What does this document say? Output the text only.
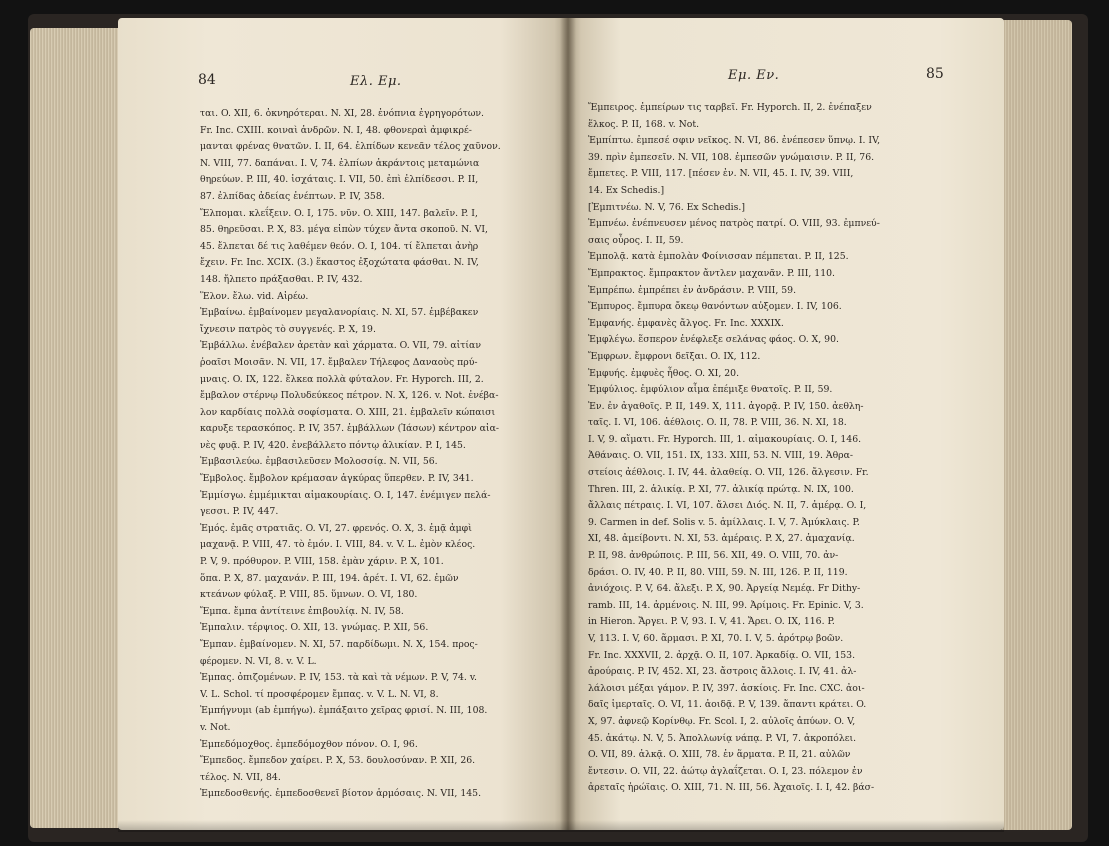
84	Ελ. Εμ.
ται. O. XII, 6. ὀκνηρότεραι. N. XI, 28. ἐνόπνια ἐγρηγορότων.
Fr. Inc. CXIII. κοιναὶ ἀνδρῶν. N. I, 48. φθονεραὶ ἀμφικρέ-
μανται φρένας θνατῶν. I. II, 64. ἐλπίδων κενεᾶν τέλος χαῦνον.
N. VIII, 77. δαπάναι. I. V, 74. ἐλπίων ἀκράντοις μεταμώνια
θηρεύων. P. III, 40. ἰσχάταις. I. VII, 50. ἐπὶ ἐλπίδεσσι. P. II,
87. ἐλπίδας ἀδείας ἐνέπτων. P. IV, 358.
Ἔλπομαι. κλεΐξειν. O. I, 175. νῦν. O. XIII, 147. βαλεῖν. P. I,
85. θηρεῦσαι. P. X, 83. μέγα εἰπὼν τύχεν ἄντα σκοποῦ. N. VI,
45. ἔλπεται δέ τις λαθέμεν θεόν. O. I, 104. τί ἔλπεται ἀνὴρ
ἔχειν. Fr. Inc. XCIX. (3.) ἕκαστος ἐξοχώτατα φάσθαι. N. IV,
148. ἤλπετο πράξασθαι. P. IV, 432.
Ἕλον. ἔλω. vid. Αἱρέω.
Ἐμβαίνω. ἐμβαίνομεν μεγαλανορίαις. N. XI, 57. ἐμβέβακεν
ἴχνεσιν πατρὸς τὸ συγγενές. P. X, 19.
Ἐμβάλλω. ἐνέβαλεν ἀρετὰν καὶ χάρματα. O. VII, 79. αἰτίαν
ῥοαῖσι Μοισᾶν. N. VII, 17. ἔμβαλεν Τήλεφος Δαναοὺς πρύ-
μναις. O. IX, 122. ἔλκεα πολλὰ φύταλον. Fr. Hyporch. III, 2.
ἔμβαλον στέρνῳ Πολυδεύκεος πέτρον. N. X, 126. v. Not. ἐνέβα-
λον καρδίαις πολλὰ σοφίσματα. O. XIII, 21. ἐμβαλεῖν κώπαισι
καρυξε τερασκόπος. P. IV, 357. ἐμβάλλων (Ἰάσων) κέντρον αἰα-
νὲς φυᾷ. P. IV, 420. ἐνεβάλλετο πόντῳ ἁλικίαν. P. I, 145.
Ἐμβασιλεύω. ἐμβασιλεῦσεν Μολοσσίᾳ. N. VII, 56.
Ἔμβολος. ἔμβολον κρέμασαν ἀγκύρας ὕπερθεν. P. IV, 341.
Ἐμμίσγω. ἐμμέμικται αἱμακουρίαις. O. I, 147. ἐνέμιγεν πελά-
γεσσι. P. IV, 447.
Ἐμός. ἐμᾶς στρατιᾶς. O. VI, 27. φρενός. O. X, 3. ἐμᾷ ἀμφὶ
μαχανᾷ. P. VIII, 47. τὸ ἐμόν. I. VIII, 84. v. V. L. ἐμὸν κλέος.
P. V, 9. πρόθυρον. P. VIII, 158. ἐμὰν χάριν. P. X, 101.
ὅπα. P. X, 87. μαχανάν. P. III, 194. ἀρέτ. I. VI, 62. ἐμῶν
κτεάνων φύλαξ. P. VIII, 85. ὕμνων. O. VI, 180.
Ἔμπα. ἔμπα ἀντίτεινε ἐπιβουλίᾳ. N. IV, 58.
Ἐμπαλιν. τέρψιος. O. XII, 13. γνώμας. P. XII, 56.
Ἔμπαν. ἐμβαίνομεν. N. XI, 57. παρδίδωμι. N. X, 154. προς-
φέρομεν. N. VI, 8. v. V. L.
Ἐμπας. ὀπιζομένων. P. IV, 153. τὰ καὶ τὰ νέμων. P. V, 74. v.
V. L. Schol. τί προσφέρομεν ἔμπας. v. V. L. N. VI, 8.
Ἐμπήγνυμι (ab ἐμπήγω). ἐμπάξαιτο χεῖρας φρισί. N. III, 108.
v. Not.
Ἐμπεδόμοχθος. ἐμπεδόμοχθον πόνον. O. I, 96.
Ἔμπεδος. ἔμπεδον χαίρει. P. X, 53. δουλοσύναν. P. XII, 26.
τέλος. N. VII, 84.
Ἐμπεδοσθενής. ἐμπεδοσθενεῖ βίοτον ἁρμόσαις. N. VII, 145.
Εμ. Εν.	85
Ἔμπειρος. ἐμπείρων τις ταρβεῖ. Fr. Hyporch. II, 2. ἐνέπαξεν
ἕλκος. P. II, 168. v. Not.
Ἐμπίπτω. ἐμπεσέ σφιν νεῖκος. N. VI, 86. ἐνέπεσεν ὕπνῳ. I. IV,
39. πρὶν ἐμπεσεῖν. N. VII, 108. ἐμπεσῶν γνώμαισιν. P. II, 76.
ἔμπετες. P. VIII, 117. [πέσεν ἐν. N. VII, 45. I. IV, 39. VIII,
14. Ex Schedis.]
[Ἐμπιτνέω. N. V, 76. Ex Schedis.]
Ἐμπνέω. ἐνέπνευσεν μένος πατρὸς πατρί. O. VIII, 93. ἐμπνεύ-
σαις οὖρος. I. II, 59.
Ἐμπολᾷ. κατὰ ἐμπολὰν Φοίνισσαν πέμπεται. P. II, 125.
Ἔμπρακτος. ἔμπρακτον ἄντλεν μαχανᾶν. P. III, 110.
Ἐμπρέπω. ἐμπρέπει ἐν ἀνδράσιν. P. VIII, 59.
Ἔμπυρος. ἔμπυρα ὄκεῳ θανόντων αὐξομεν. I. IV, 106.
Ἐμφανής. ἐμφανὲς ἄλγος. Fr. Inc. XXXIX.
Ἐμφλέγω. ἕσπερον ἐνέφλεξε σελάνας φάος. O. X, 90.
Ἔμφρων. ἔμφρονι δεῖξαι. O. IX, 112.
Ἐμφυής. ἐμφυὲς ἦθος. O. XI, 20.
Ἐμφύλιος. ἐμφύλιον αἷμα ἐπέμιξε θνατοῖς. P. II, 59.
Ἐν. ἐν ἀγαθοῖς. P. II, 149. X, 111. ἀγορᾷ. P. IV, 150. ἀεθλη-
ταῖς. I. VI, 106. ἀέθλοις. O. II, 78. P. VIII, 36. N. XI, 18.
I. V, 9. αἵματι. Fr. Hyporch. III, 1. αἱμακουρίαις. O. I, 146.
Ἀθάναις. O. VII, 151. IX, 133. XIII, 53. N. VIII, 19. Ἀθρα-
στείοις ἀέθλοις. I. IV, 44. ἀλαθείᾳ. O. VII, 126. ἄλγεσιν. Fr.
Thren. III, 2. ἁλικίᾳ. P. XI, 77. ἁλικίᾳ πρώτᾳ. N. IX, 100.
ἄλλαις πέτραις. I. VI, 107. ἄλσει Διός. N. II, 7. ἀμέρᾳ. O. I,
9. Carmen in def. Solis v. 5. ἁμίλλαις. I. V, 7. Ἀμύκλαις. P.
XI, 48. ἀμείβοντι. N. XI, 53. ἀμέραις. P. X, 27. ἀμαχανίᾳ.
P. II, 98. ἀνθρώποις. P. III, 56. XII, 49. O. VIII, 70. ἀν-
δράσι. O. IV, 40. P. II, 80. VIII, 59. N. III, 126. P. II, 119.
ἀνιόχοις. P. V, 64. ἄλεξι. P. X, 90. Ἀργείᾳ Νεμέᾳ. Fr Dithy-
ramb. III, 14. ἁρμένοις. N. III, 99. Ἀρίμοις. Fr. Epinic. V, 3.
in Hieron. Ἄργει. P. V, 93. I. V, 41. Ἄρει. O. IX, 116. P.
V, 113. I. V, 60. ἅρμασι. P. XI, 70. I. V, 5. ἀρότρῳ βοῶν.
Fr. Inc. XXXVII, 2. ἀρχᾷ. O. II, 107. Ἀρκαδίᾳ. O. VII, 153.
ἀρούραις. P. IV, 452. XI, 23. ἄστροις ἄλλοις. I. IV, 41. ἀλ-
λάλοισι μέξαι γάμον. P. IV, 397. ἀσκίοις. Fr. Inc. CXC. ἀοι-
δαῖς ἱμερταῖς. O. VI, 11. ἀοιδᾷ. P. V, 139. ἅπαντι κράτει. O.
X, 97. ἀφνεῷ Κορίνθῳ. Fr. Scol. I, 2. αὐλοῖς ἀπύων. O. V,
45. ἀκάτῳ. N. V, 5. Ἀπολλωνίᾳ νάπᾳ. P. VI, 7. ἀκροπόλει.
O. VII, 89. ἀλκᾷ. O. XIII, 78. ἐν ἅρματα. P. II, 21. αὐλῶν
ἔντεσιν. O. VII, 22. ἀώτῳ ἀγλαΐζεται. O. I, 23. πόλεμον ἐν
ἀρεταῖς ἡρώϊαις. O. XIII, 71. N. III, 56. Ἀχαιοῖς. I. I, 42. βάσ-
